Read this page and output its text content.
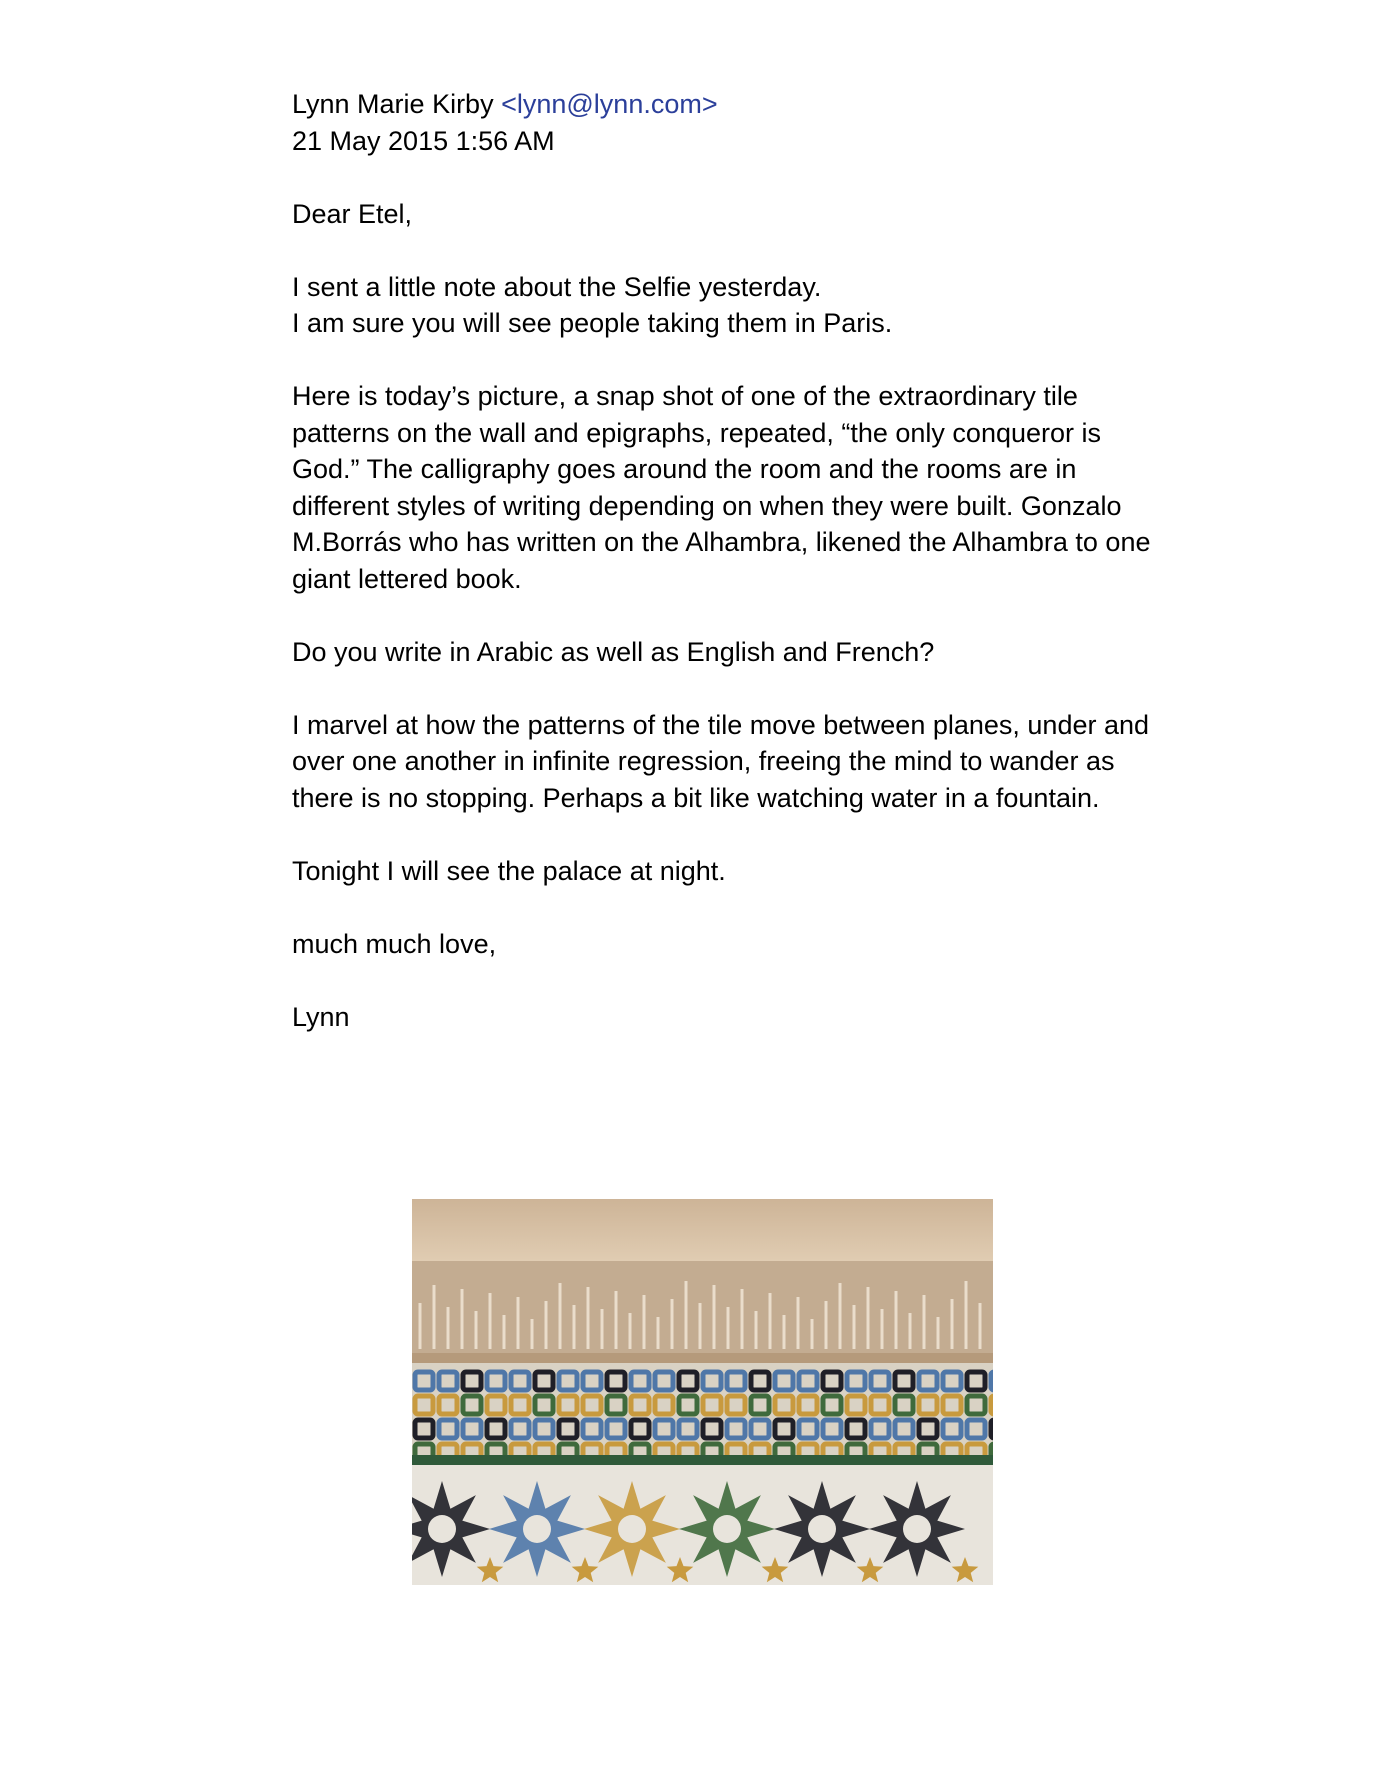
Lynn Marie Kirby <lynn@lynn.com>

21 May 2015 1:56 AM

Dear Etel,

I sent a little note about the Selfie yesterday.
I am sure you will see people taking them in Paris.

Here is today’s picture, a snap shot of one of the extraordinary tile patterns on the wall and epigraphs, repeated, “the only conqueror is God.” The calligraphy goes around the room and the rooms are in different styles of writing depending on when they were built. Gonzalo M.Borrás who has written on the Alhambra, likened the Alhambra to one giant lettered book.

Do you write in Arabic as well as English and French?

I marvel at how the patterns of the tile move between planes, under and over one another in infinite regression, freeing the mind to wander as there is no stopping. Perhaps a bit like watching water in a fountain.

Tonight I will see the palace at night.

much much love,

Lynn
